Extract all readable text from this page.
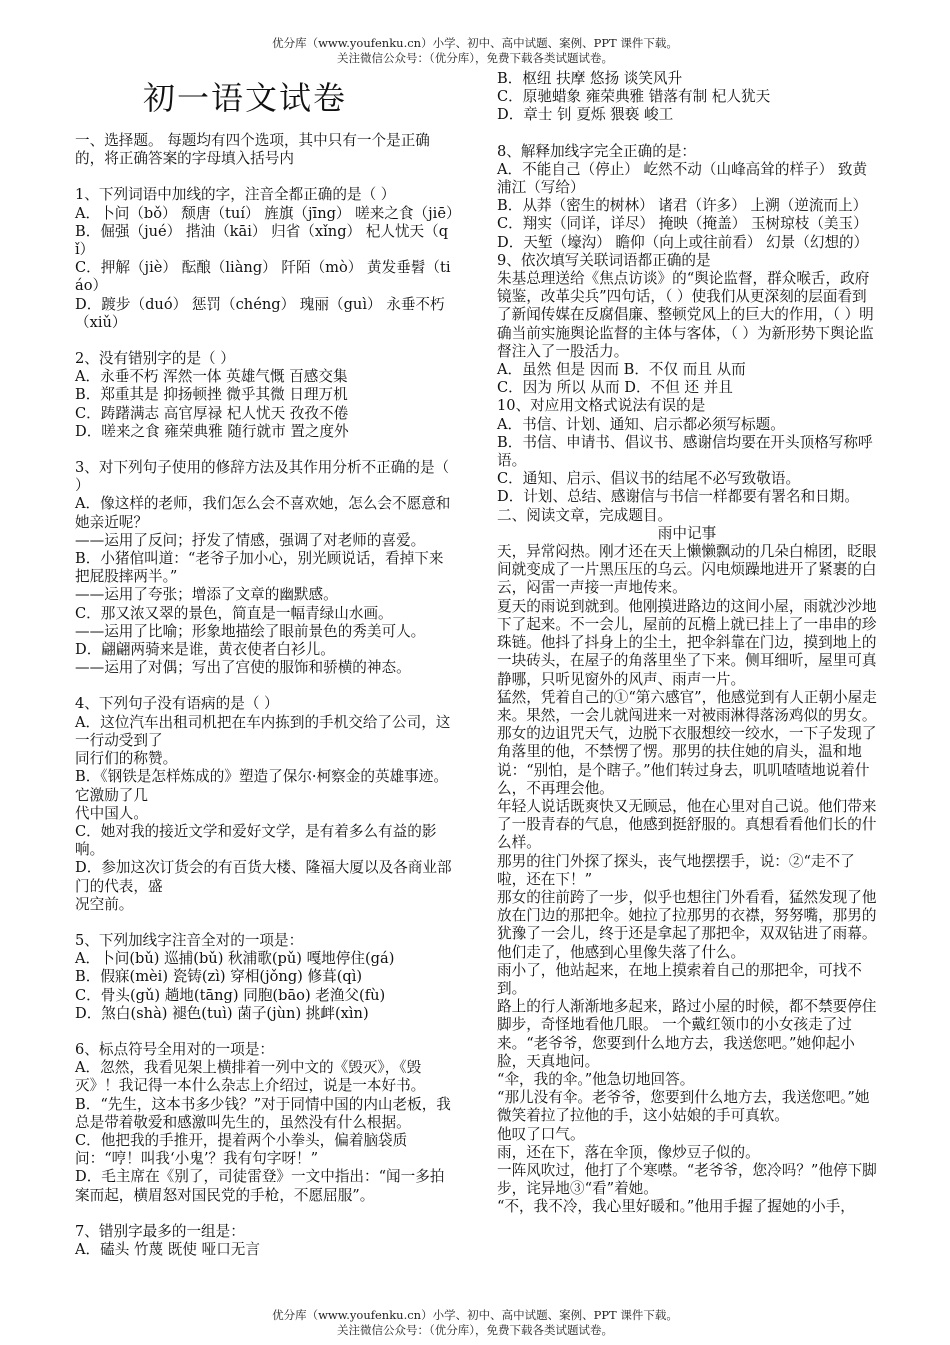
优分库（www.youfenku.cn）小学、初中、高中试题、案例、PPT 课件下载。
关注微信公众号：（优分库），免费下载各类试题试卷。
初一语文试卷

一、选择题。 每题均有四个选项，其中只有一个是正确的，将正确答案的字母填入括号内

1、下列词语中加线的字，注音全都正确的是（ ）

A．卜问（bǒ） 颓唐（tuí） 旌旗（jīng） 嗟来之食（jiē）

B．倔强（jué） 揩油（kāi） 归省（xǐng） 杞人忧天（qǐ）

C．押解（jiè） 酝酿（liàng） 阡陌（mò） 黄发垂髫（tiáo）

D．踱步（duó） 惩罚（chéng） 瑰丽（guì） 永垂不朽（xiǔ）

2、没有错别字的是（ ）

A．永垂不朽 浑然一体 英雄气慨 百感交集

B．郑重其是 抑扬顿挫 微乎其微 日理万机

C．踌躇满志 高官厚禄 杞人忧天 孜孜不倦

D．嗟来之食 雍荣典雅 随行就市 置之度外

3、对下列句子使用的修辞方法及其作用分析不正确的是（ ）

A．像这样的老师，我们怎么会不喜欢她，怎么会不愿意和她亲近呢？

——运用了反问；抒发了情感，强调了对老师的喜爱。

B．小猪倌叫道：“老爷子加小心，别光顾说话，看掉下来把屁股摔两半。”

——运用了夸张；增添了文章的幽默感。

C．那又浓又翠的景色，简直是一幅青绿山水画。

——运用了比喻；形象地描绘了眼前景色的秀美可人。

D．翩翩两骑来是谁，黄衣使者白衫儿。

——运用了对偶；写出了宫使的服饰和骄横的神态。

4、下列句子没有语病的是（ ）

A．这位汽车出租司机把在车内拣到的手机交给了公司，这一行动受到了

同行们的称赞。

B．《钢铁是怎样炼成的》塑造了保尔·柯察金的英雄事迹。它激励了几

代中国人。

C．她对我的接近文学和爱好文学，是有着多么有益的影响。

D．参加这次订货会的有百货大楼、隆福大厦以及各商业部门的代表，盛

况空前。

5、下列加线字注音全对的一项是：

A．卜问(bǔ) 巡捕(bǔ) 秋浦歌(pǔ) 嘎地停住(gá)

B．假寐(mèi) 瓷铸(zì) 穿相(jǒng) 修葺(qì)

C．骨头(gǔ) 趟地(tāng) 同胞(bāo) 老渔父(fù)

D．煞白(shà) 褪色(tuì) 菌子(jùn) 挑衅(xìn)

6、标点符号全用对的一项是：

A．忽然，我看见架上横排着一列中文的《毁灭》，《毁灭》！我记得一本什么杂志上介绍过，说是一本好书。

B．“先生，这本书多少钱？”对于同情中国的内山老板，我总是带着敬爱和感激叫先生的，虽然没有什么根据。

C．他把我的手推开，提着两个小拳头，偏着脑袋质问：“哼！叫我‘小鬼’？我有句字呀！”

D．毛主席在《别了，司徒雷登》一文中指出：“闻一多拍案而起，横眉怒对国民党的手枪，不愿屈服”。

7、错别字最多的一组是：

A．磕头 竹蔑 既使 哑口无言

B．枢纽 扶摩 悠扬 谈笑风升

C．原驰蜡象 雍荣典雅 错落有制 杞人犹天

D．章士 钊 夏烁 猥亵 峻工

8、解释加线字完全正确的是：

A．不能自己（停止） 屹然不动（山峰高耸的样子） 致黄浦江（写给）

B．从莽（密生的树林） 诸君（许多） 上溯（逆流而上）

C．翔实（同详，详尽） 掩映（掩盖） 玉树琼枝（美玉）

D．天堑（壕沟） 瞻仰（向上或往前看） 幻景（幻想的）

9、依次填写关联词语都正确的是

朱基总理送给《焦点访谈》的“舆论监督，群众喉舌，政府镜鉴，改革尖兵”四句话，（ ）使我们从更深刻的层面看到了新闻传媒在反腐倡廉、整顿党风上的巨大的作用，（ ）明确当前实施舆论监督的主体与客体，（ ）为新形势下舆论监督注入了一股活力。

A．虽然 但是 因而 B．不仅 而且 从而

C．因为 所以 从而 D．不但 还 并且

10、对应用文格式说法有误的是

A．书信、计划、通知、启示都必须写标题。

B．书信、申请书、倡议书、感谢信均要在开头顶格写称呼语。

C．通知、启示、倡议书的结尾不必写致敬语。

D．计划、总结、感谢信与书信一样都要有署名和日期。

二、阅读文章，完成题目。

雨中记事

天，异常闷热。刚才还在天上懒懒飘动的几朵白棉团，眨眼间就变成了一片黑压压的乌云。闪电烦躁地进开了紧裹的白云，闷雷一声接一声地传来。

夏天的雨说到就到。他刚摸进路边的这间小屋，雨就沙沙地下了起来。不一会儿，屋前的瓦檐上就已挂上了一串串的珍珠链。他抖了抖身上的尘土，把伞斜靠在门边，摸到地上的一块砖头，在屋子的角落里坐了下来。侧耳细听，屋里可真静哪，只听见窗外的风声、雨声一片。

猛然，凭着自己的①“第六感官”，他感觉到有人正朝小屋走来。果然，一会儿就闯进来一对被雨淋得落汤鸡似的男女。那女的边诅咒天气，边脱下衣服想绞一绞水，一下子发现了角落里的他，不禁愣了愣。那男的扶住她的肩头，温和地说：“别怕，是个瞎子。”他们转过身去，叽叽喳喳地说着什么，不再理会他。

年轻人说话既爽快又无顾忌，他在心里对自己说。他们带来了一股青春的气息，他感到挺舒服的。真想看看他们长的什么样。

那男的往门外探了探头，丧气地摆摆手，说：②“走不了啦，还在下！”

那女的往前跨了一步，似乎也想往门外看看，猛然发现了他放在门边的那把伞。她拉了拉那男的衣襟，努努嘴，那男的犹豫了一会儿，终于还是拿起了那把伞，双双钻进了雨幕。

他们走了，他感到心里像失落了什么。

雨小了，他站起来，在地上摸索着自己的那把伞，可找不到。

路上的行人渐渐地多起来，路过小屋的时候，都不禁要停住脚步，奇怪地看他几眼。 一个戴红领巾的小女孩走了过来。“老爷爷，您要到什么地方去，我送您吧。”她仰起小脸，天真地问。

“伞，我的伞。”他急切地回答。

“那儿没有伞。老爷爷，您要到什么地方去，我送您吧。”她微笑着拉了拉他的手，这小姑娘的手可真软。

他叹了口气。

雨，还在下，落在伞顶，像炒豆子似的。

一阵风吹过，他打了个寒噤。“老爷爷，您冷吗？”他停下脚步，诧异地③“看”着她。

“不，我不冷，我心里好暖和。”他用手握了握她的小手，

优分库（www.youfenku.cn）小学、初中、高中试题、案例、PPT 课件下载。
关注微信公众号：（优分库），免费下载各类试题试卷。
